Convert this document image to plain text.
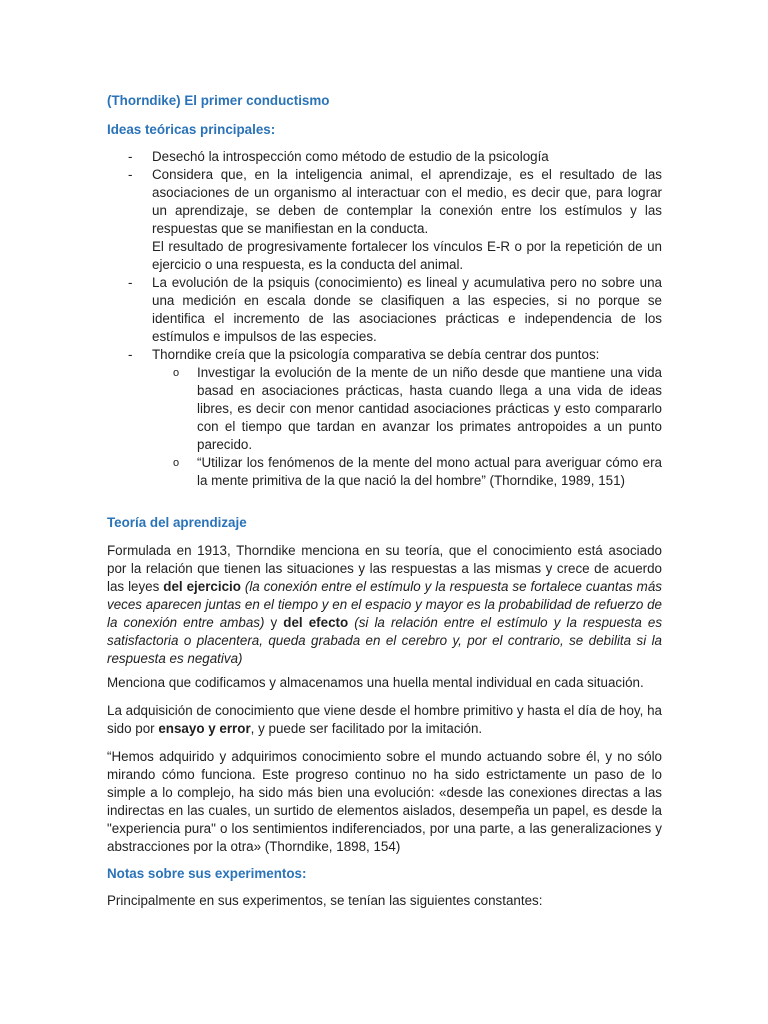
(Thorndike) El primer conductismo
Ideas teóricas principales:
- Desechó la introspección como método de estudio de la psicología

- Considera que, en la inteligencia animal, el aprendizaje, es el resultado de las asociaciones de un organismo al interactuar con el medio, es decir que, para lograr un aprendizaje, se deben de contemplar la conexión entre los estímulos y las respuestas que se manifiestan en la conducta.

El resultado de progresivamente fortalecer los vínculos E-R o por la repetición de un ejercicio o una respuesta, es la conducta del animal.

- La evolución de la psiquis (conocimiento) es lineal y acumulativa pero no sobre una una medición en escala donde se clasifiquen a las especies, si no porque se identifica el incremento de las asociaciones prácticas e independencia de los estímulos e impulsos de las especies.

- Thorndike creía que la psicología comparativa se debía centrar dos puntos:

o Investigar la evolución de la mente de un niño desde que mantiene una vida basad en asociaciones prácticas, hasta cuando llega a una vida de ideas libres, es decir con menor cantidad asociaciones prácticas y esto compararlo con el tiempo que tardan en avanzar los primates antropoides a un punto parecido.
o “Utilizar los fenómenos de la mente del mono actual para averiguar cómo era la mente primitiva de la que nació la del hombre” (Thorndike, 1989, 151)
Teoría del aprendizaje

Formulada en 1913, Thorndike menciona en su teoría, que el conocimiento está asociado por la relación que tienen las situaciones y las respuestas a las mismas y crece de acuerdo las leyes del ejercicio (la conexión entre el estímulo y la respuesta se fortalece cuantas más veces aparecen juntas en el tiempo y en el espacio y mayor es la probabilidad de refuerzo de la conexión entre ambas) y del efecto (si la relación entre el estímulo y la respuesta es satisfactoria o placentera, queda grabada en el cerebro y, por el contrario, se debilita si la respuesta es negativa)

Menciona que codificamos y almacenamos una huella mental individual en cada situación.

La adquisición de conocimiento que viene desde el hombre primitivo y hasta el día de hoy, ha sido por ensayo y error, y puede ser facilitado por la imitación.

“Hemos adquirido y adquirimos conocimiento sobre el mundo actuando sobre él, y no sólo mirando cómo funciona. Este progreso continuo no ha sido estrictamente un paso de lo simple a lo complejo, ha sido más bien una evolución: «desde las conexiones directas a las indirectas en las cuales, un surtido de elementos aislados, desempeña un papel, es desde la "experiencia pura" o los sentimientos indiferenciados, por una parte, a las generalizaciones y abstracciones por la otra» (Thorndike, 1898, 154)

Notas sobre sus experimentos:

Principalmente en sus experimentos, se tenían las siguientes constantes:
